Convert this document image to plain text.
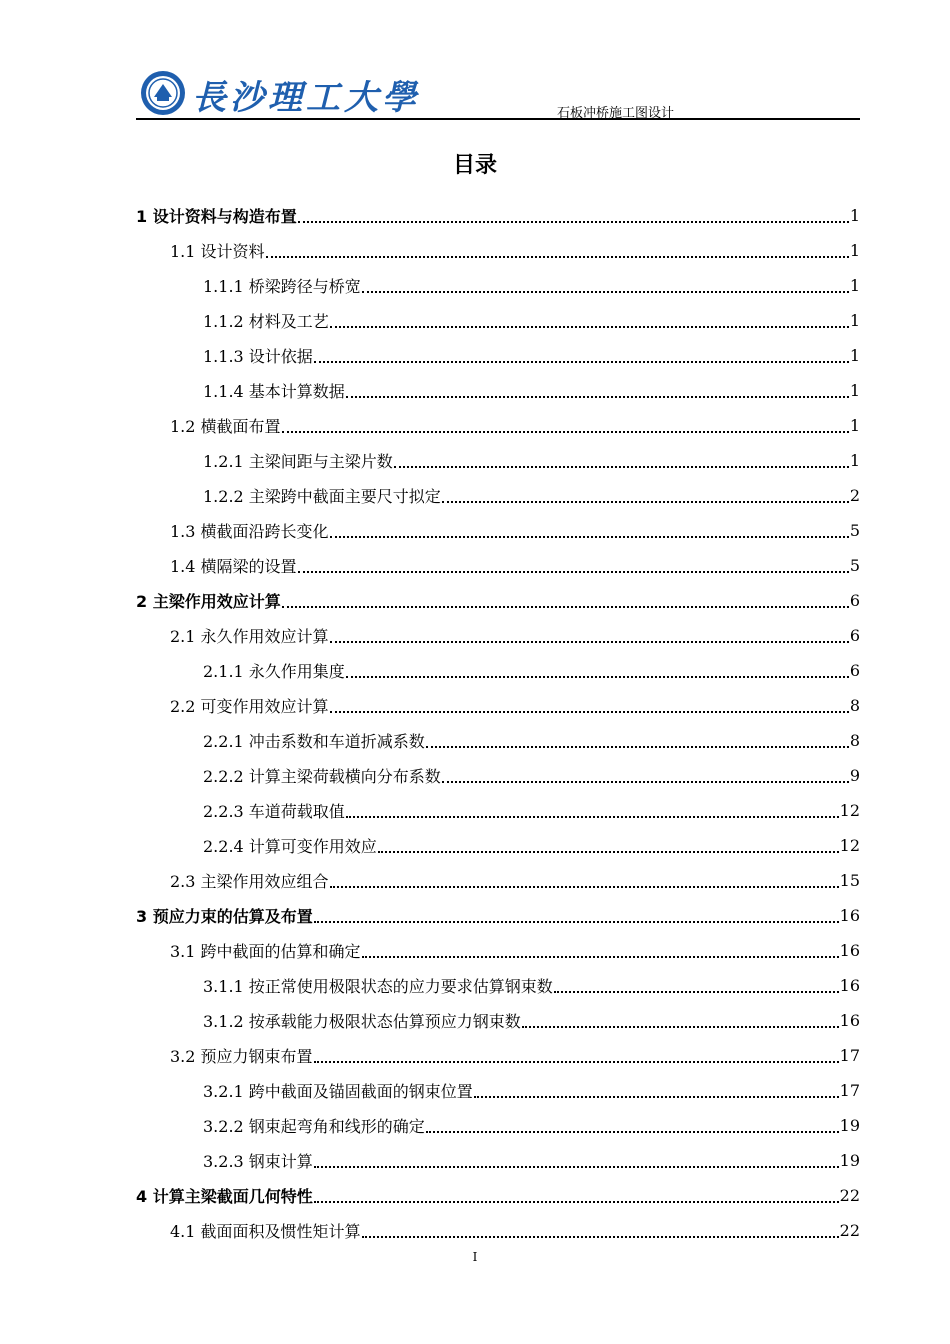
長沙理工大學	石板冲桥施工图设计
目录
1 设计资料与构造布置	1
1.1 设计资料	1
1.1.1 桥梁跨径与桥宽	1
1.1.2 材料及工艺	1
1.1.3 设计依据	1
1.1.4 基本计算数据	1
1.2 横截面布置	1
1.2.1 主梁间距与主梁片数	1
1.2.2 主梁跨中截面主要尺寸拟定	2
1.3 横截面沿跨长变化	5
1.4 横隔梁的设置	5
2 主梁作用效应计算	6
2.1 永久作用效应计算	6
2.1.1 永久作用集度	6
2.2 可变作用效应计算	8
2.2.1 冲击系数和车道折减系数	8
2.2.2 计算主梁荷载横向分布系数	9
2.2.3 车道荷载取值	12
2.2.4 计算可变作用效应	12
2.3 主梁作用效应组合	15
3 预应力束的估算及布置	16
3.1 跨中截面的估算和确定	16
3.1.1 按正常使用极限状态的应力要求估算钢束数	16
3.1.2 按承载能力极限状态估算预应力钢束数	16
3.2 预应力钢束布置	17
3.2.1 跨中截面及锚固截面的钢束位置	17
3.2.2 钢束起弯角和线形的确定	19
3.2.3 钢束计算	19
4 计算主梁截面几何特性	22
4.1 截面面积及惯性矩计算	22
I
